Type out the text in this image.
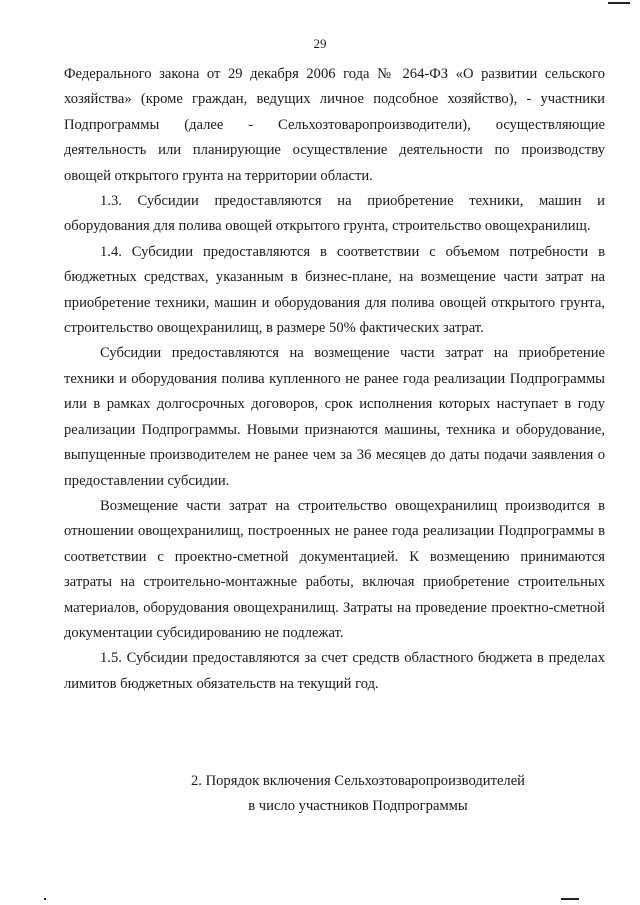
29

Федерального закона от 29 декабря 2006 года № 264-ФЗ «О развитии сельского хозяйства» (кроме граждан, ведущих личное подсобное хозяйство), - участники Подпрограммы (далее - Сельхозтоваропроизводители), осуществляющие деятельность или планирующие осуществление деятельности по производству овощей открытого грунта на территории области.

1.3. Субсидии предоставляются на приобретение техники, машин и оборудования для полива овощей открытого грунта, строительство овощехранилищ.

1.4. Субсидии предоставляются в соответствии с объемом потребности в бюджетных средствах, указанным в бизнес-плане, на возмещение части затрат на приобретение техники, машин и оборудования для полива овощей открытого грунта, строительство овощехранилищ, в размере 50% фактических затрат.

Субсидии предоставляются на возмещение части затрат на приобретение техники и оборудования полива купленного не ранее года реализации Подпрограммы или в рамках долгосрочных договоров, срок исполнения которых наступает в году реализации Подпрограммы. Новыми признаются машины, техника и оборудование, выпущенные производителем не ранее чем за 36 месяцев до даты подачи заявления о предоставлении субсидии.

Возмещение части затрат на строительство овощехранилищ производится в отношении овощехранилищ, построенных не ранее года реализации Подпрограммы в соответствии с проектно-сметной документацией. К возмещению принимаются затраты на строительно-монтажные работы, включая приобретение строительных материалов, оборудования овощехранилищ. Затраты на проведение проектно-сметной документации субсидированию не подлежат.

1.5. Субсидии предоставляются за счет средств областного бюджета в пределах лимитов бюджетных обязательств на текущий год.

2. Порядок включения Сельхозтоваропроизводителей
в число участников Подпрограммы
